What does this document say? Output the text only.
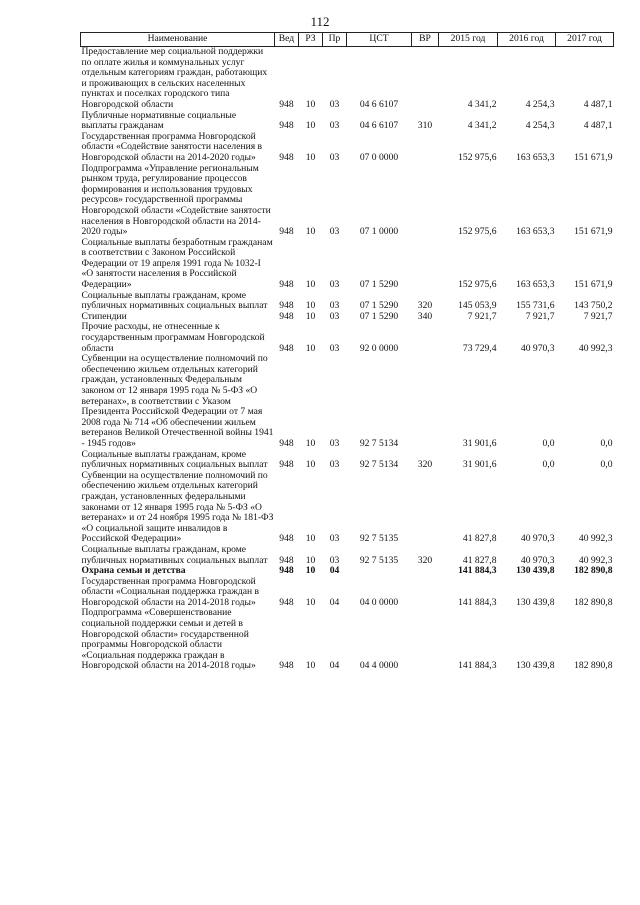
112
Наименование	Вед	РЗ	Пр	ЦСТ	ВР	2015 год	2016 год	2017 год
Предоставление мер социальной поддержки по оплате жилья и коммунальных услуг отдельным категориям граждан, работающих и проживающих в сельских населенных пунктах и поселках городского типа Новгородской области	948	10	03	04 6 6107		4 341,2	4 254,3	4 487,1
Публичные нормативные социальные выплаты гражданам	948	10	03	04 6 6107	310	4 341,2	4 254,3	4 487,1
Государственная программа Новгородской области «Содействие занятости населения в Новгородской области на 2014-2020 годы»	948	10	03	07 0 0000		152 975,6	163 653,3	151 671,9
Подпрограмма «Управление региональным рынком труда, регулирование процессов формирования и использования трудовых ресурсов» государственной программы Новгородской области «Содействие занятости населения в Новгородской области на 2014-2020 годы»	948	10	03	07 1 0000		152 975,6	163 653,3	151 671,9
Социальные выплаты безработным гражданам в соответствии с Законом Российской Федерации от 19 апреля 1991 года № 1032-I «О занятости населения в Российской Федерации»	948	10	03	07 1 5290		152 975,6	163 653,3	151 671,9
Социальные выплаты гражданам, кроме публичных нормативных социальных выплат	948	10	03	07 1 5290	320	145 053,9	155 731,6	143 750,2
Стипендии	948	10	03	07 1 5290	340	7 921,7	7 921,7	7 921,7
Прочие расходы, не отнесенные к государственным программам Новгородской области	948	10	03	92 0 0000		73 729,4	40 970,3	40 992,3
Субвенции на осуществление полномочий по обеспечению жильем отдельных категорий граждан, установленных Федеральным законом от 12 января 1995 года № 5-ФЗ «О ветеранах», в соответствии с Указом Президента Российской Федерации от 7 мая 2008 года № 714 «Об обеспечении жильем ветеранов Великой Отечественной войны 1941 - 1945 годов»	948	10	03	92 7 5134		31 901,6	0,0	0,0
Социальные выплаты гражданам, кроме публичных нормативных социальных выплат	948	10	03	92 7 5134	320	31 901,6	0,0	0,0
Субвенции на осуществление полномочий по обеспечению жильем отдельных категорий граждан, установленных федеральными законами от 12 января 1995 года № 5-ФЗ «О ветеранах» и от 24 ноября 1995 года № 181-ФЗ «О социальной защите инвалидов в Российской Федерации»	948	10	03	92 7 5135		41 827,8	40 970,3	40 992,3
Социальные выплаты гражданам, кроме публичных нормативных социальных выплат	948	10	03	92 7 5135	320	41 827,8	40 970,3	40 992,3
Охрана семьи и детства	948	10	04			141 884,3	130 439,8	182 890,8
Государственная программа Новгородской области «Социальная поддержка граждан в Новгородской области на 2014-2018 годы»	948	10	04	04 0 0000		141 884,3	130 439,8	182 890,8
Подпрограмма «Совершенствование социальной поддержки семьи и детей в Новгородской области» государственной программы Новгородской области «Социальная поддержка граждан в Новгородской области на 2014-2018 годы»	948	10	04	04 4 0000		141 884,3	130 439,8	182 890,8
